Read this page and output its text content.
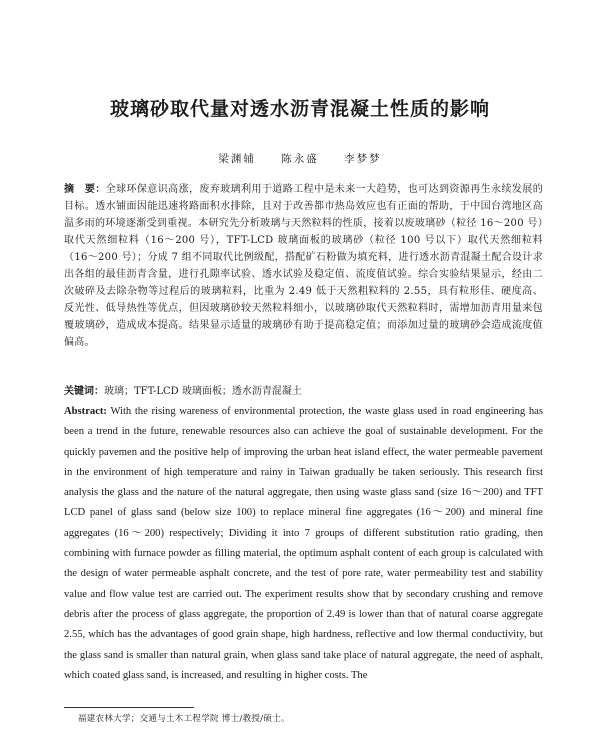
玻璃砂取代量对透水沥青混凝土性质的影响
梁渊辅 陈永盛 李梦梦
摘　要：全球环保意识高涨，废弃玻璃利用于道路工程中是未来一大趋势，也可达到资源再生永续发展的目标。透水铺面因能迅速将路面积水排除，且对于改善都市热岛效应也有正面的帮助，于中国台湾地区高温多雨的环境逐渐受到重视。本研究先分析玻璃与天然粒料的性质，接着以废玻璃砂（粒径 16～200 号）取代天然细粒料（16～200 号），TFT-LCD 玻璃面板的玻璃砂（粒径 100 号以下）取代天然细粒料（16～200 号）；分成 7 组不同取代比例级配，搭配矿石粉做为填充料，进行透水沥青混凝土配合设计求出各组的最佳沥青含量，进行孔隙率试验、透水试验及稳定值、流度值试验。综合实验结果显示，经由二次破碎及去除杂物等过程后的玻璃粒料，比重为 2.49 低于天然粗粒料的 2.55，具有粒形佳、硬度高、反光性、低导热性等优点，但因玻璃砂较天然粒料细小，以玻璃砂取代天然粒料时，需增加沥青用量来包覆玻璃砂，造成成本提高。结果显示适量的玻璃砂有助于提高稳定值；而添加过量的玻璃砂会造成流度值偏高。
关键词：玻璃；TFT-LCD 玻璃面板；透水沥青混凝土
Abstract: With the rising wareness of environmental protection, the waste glass used in road engineering has been a trend in the future, renewable resources also can achieve the goal of sustainable development. For the quickly pavemen and the positive help of improving the urban heat island effect, the water permeable pavement in the environment of high temperature and rainy in Taiwan gradually be taken seriously. This research first analysis the glass and the nature of the natural aggregate, then using waste glass sand (size 16～200) and TFT LCD panel of glass sand (below size 100) to replace mineral fine aggregates (16～200) and mineral fine aggregates (16～200) respectively; Dividing it into 7 groups of different substitution ratio grading, then combining with furnace powder as filling material, the optimum asphalt content of each group is calculated with the design of water permeable asphalt concrete, and the test of pore rate, water permeability test and stability value and flow value test are carried out. The experiment results show that by secondary crushing and remove debris after the process of glass aggregate, the proportion of 2.49 is lower than that of natural coarse aggregate 2.55, which has the advantages of good grain shape, high hardness, reflective and low thermal conductivity, but the glass sand is smaller than natural grain, when glass sand take place of natural aggregate, the need of asphalt, which coated glass sand, is increased, and resulting in higher costs. The
福建农林大学；交通与土木工程学院 博士/教授/硕士。
